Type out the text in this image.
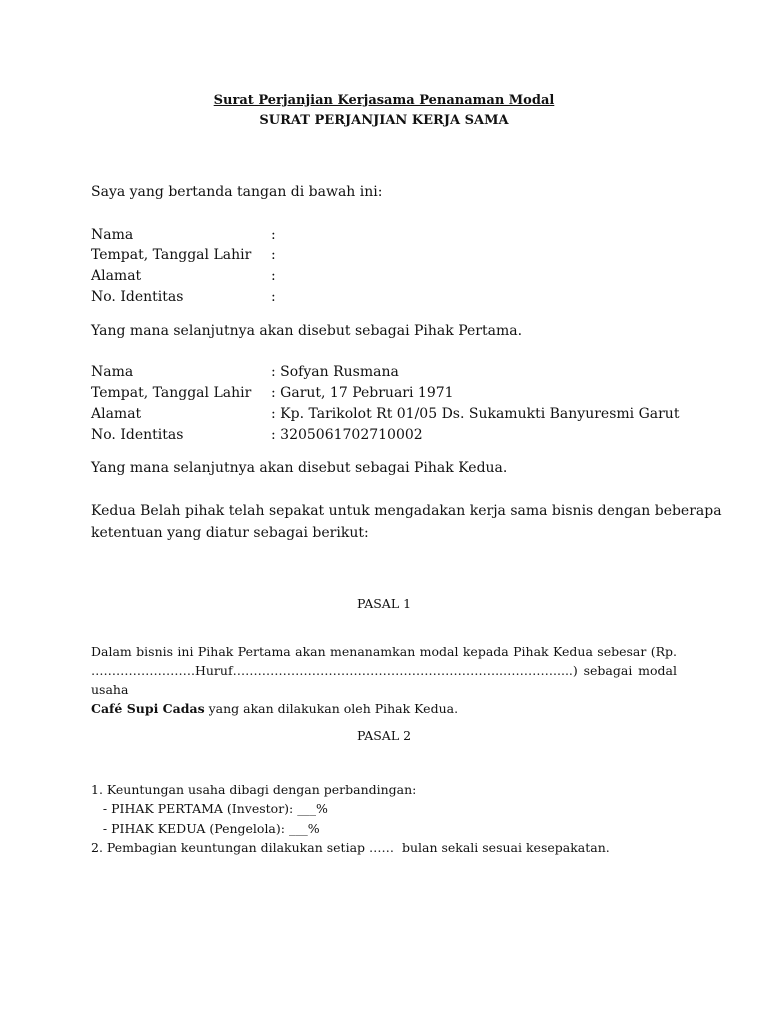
Surat Perjanjian Kerjasama Penanaman Modal
SURAT PERJANJIAN KERJA SAMA
Saya yang bertanda tangan di bawah ini:
Nama	:
Tempat, Tanggal Lahir :
Alamat	:
No. Identitas	:
Yang mana selanjutnya akan disebut sebagai Pihak Pertama.
Nama	: Sofyan Rusmana
Tempat, Tanggal Lahir : Garut, 17 Pebruari 1971
Alamat	: Kp. Tarikolot Rt 01/05 Ds. Sukamukti Banyuresmi Garut
No. Identitas	: 3205061702710002
Yang mana selanjutnya akan disebut sebagai Pihak Kedua.
Kedua Belah pihak telah sepakat untuk mengadakan kerja sama bisnis dengan beberapa
ketentuan yang diatur sebagai berikut:
PASAL 1
Dalam bisnis ini Pihak Pertama akan menanamkan modal kepada Pihak Kedua sebesar (Rp.
…………………….Huruf………………………………………………………..………….....) sebagai modal usaha
Café Supi Cadas yang akan dilakukan oleh Pihak Kedua.
PASAL 2
1. Keuntungan usaha dibagi dengan perbandingan:
- PIHAK PERTAMA (Investor): ___%
- PIHAK KEDUA (Pengelola): ___%
2. Pembagian keuntungan dilakukan setiap ……  bulan sekali sesuai kesepakatan.
